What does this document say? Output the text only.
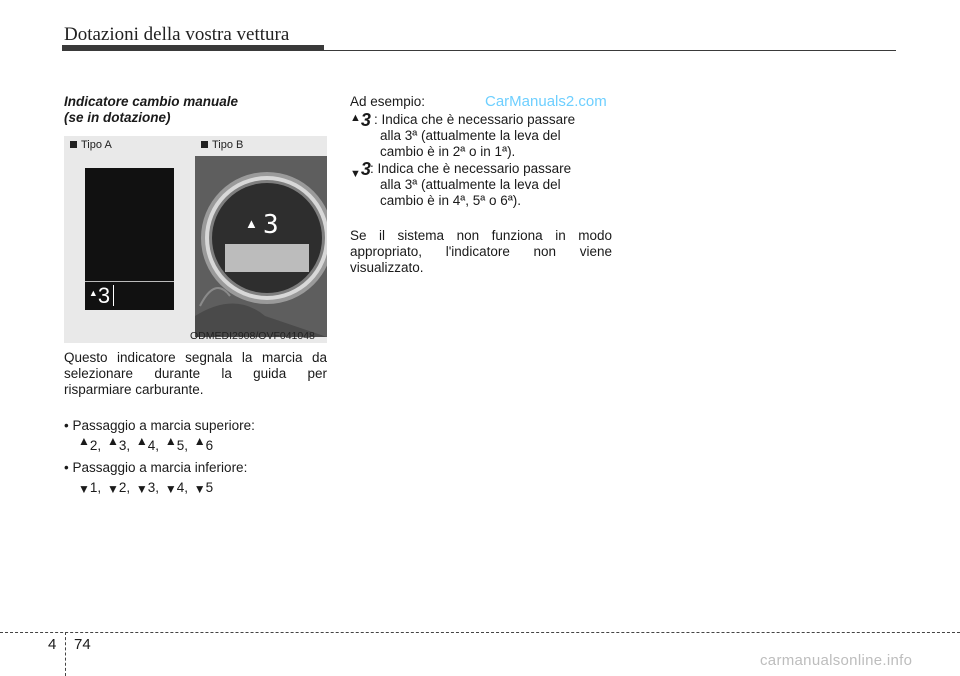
Dotazioni della vostra vettura
Indicatore cambio manuale
(se in dotazione)
Tipo A	Tipo B
▲3
▲ 3
ODMEDI2908/OVF041048
Questo indicatore segnala la marcia da selezionare durante la guida per risparmiare carburante.
• Passaggio a marcia superiore:
▲2, ▲3, ▲4, ▲5, ▲6
• Passaggio a marcia inferiore:
▼1, ▼2, ▼3, ▼4, ▼5
Ad esempio:	CarManuals2.com
▲3 : Indica che è necessario passare
alla 3ª (attualmente la leva del
cambio è in 2ª o in 1ª).
▼3 : Indica che è necessario passare
alla 3ª (attualmente la leva del
cambio è in 4ª, 5ª o 6ª).
Se il sistema non funziona in modo appropriato, l'indicatore non viene visualizzato.
4 74
carmanualsonline.info
